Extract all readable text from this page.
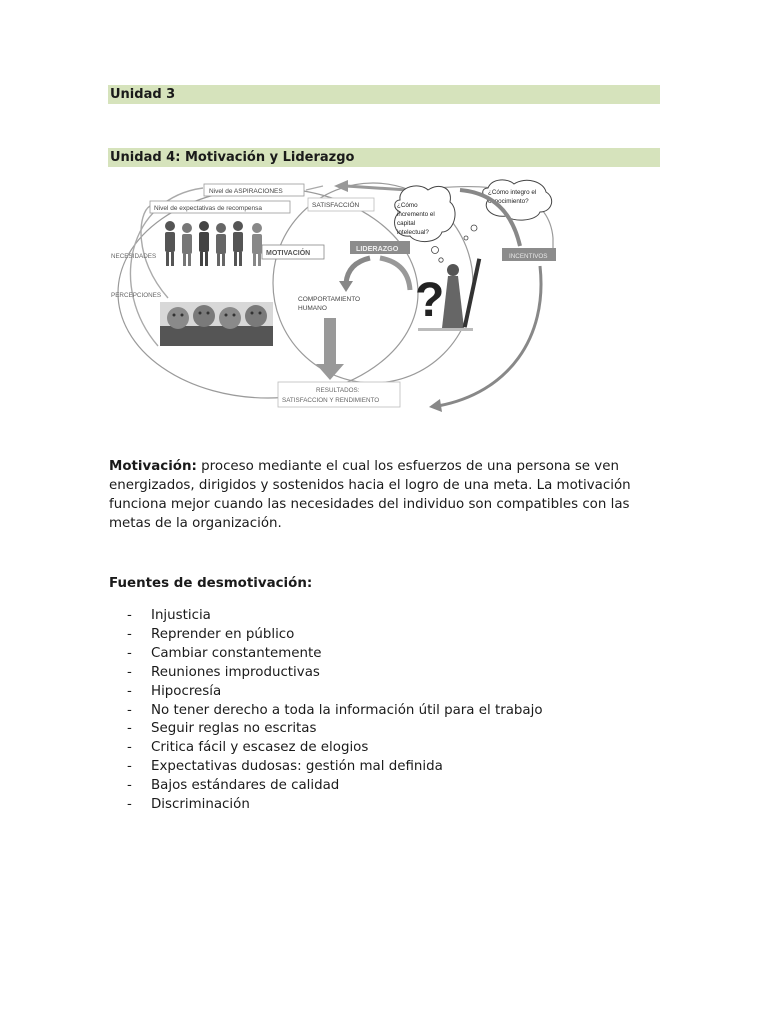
Unidad 3
Unidad 4: Motivación y Liderazgo
Nivel de ASPIRACIONES
Nivel de expectativas de recompensa	SATISFACCIÓN
NECESIDADES
PERCEPCIONES
MOTIVACIÓN
LIDERAZGO
COMPORTAMIENTO
HUMANO
RESULTADOS:
SATISFACCION Y RENDIMIENTO
?
¿Cómo
incremento el
capital
intelectual?
¿Cómo integro el
conocimiento?
INCENTIVOS
Motivación: proceso mediante el cual los esfuerzos de una persona se ven energizados, dirigidos y sostenidos hacia el logro de una meta. La motivación funciona mejor cuando las necesidades del individuo son compatibles con las metas de la organización.
Fuentes de desmotivación:
- Injusticia
- Reprender en público
- Cambiar constantemente
- Reuniones improductivas
- Hipocresía
- No tener derecho a toda la información útil para el trabajo
- Seguir reglas no escritas
- Critica fácil y escasez de elogios
- Expectativas dudosas: gestión mal definida
- Bajos estándares de calidad
- Discriminación
